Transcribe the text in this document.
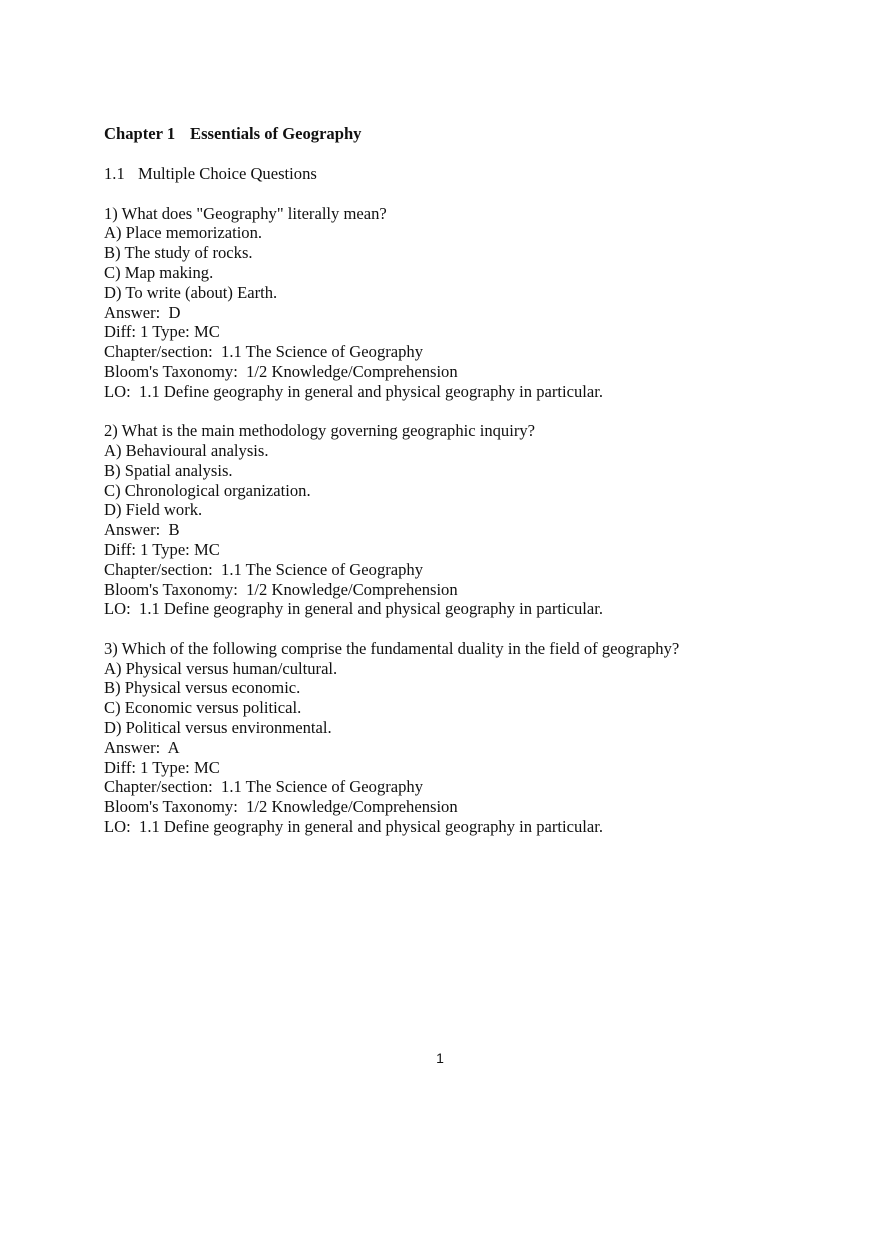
Chapter 1 Essentials of Geography
1.1 Multiple Choice Questions
1) What does "Geography" literally mean?
A) Place memorization.
B) The study of rocks.
C) Map making.
D) To write (about) Earth.
Answer:  D
Diff: 1 Type: MC
Chapter/section:  1.1 The Science of Geography
Bloom's Taxonomy:  1/2 Knowledge/Comprehension
LO:  1.1 Define geography in general and physical geography in particular.
2) What is the main methodology governing geographic inquiry?
A) Behavioural analysis.
B) Spatial analysis.
C) Chronological organization.
D) Field work.
Answer:  B
Diff: 1 Type: MC
Chapter/section:  1.1 The Science of Geography
Bloom's Taxonomy:  1/2 Knowledge/Comprehension
LO:  1.1 Define geography in general and physical geography in particular.
3) Which of the following comprise the fundamental duality in the field of geography?
A) Physical versus human/cultural.
B) Physical versus economic.
C) Economic versus political.
D) Political versus environmental.
Answer:  A
Diff: 1 Type: MC
Chapter/section:  1.1 The Science of Geography
Bloom's Taxonomy:  1/2 Knowledge/Comprehension
LO:  1.1 Define geography in general and physical geography in particular.
1
